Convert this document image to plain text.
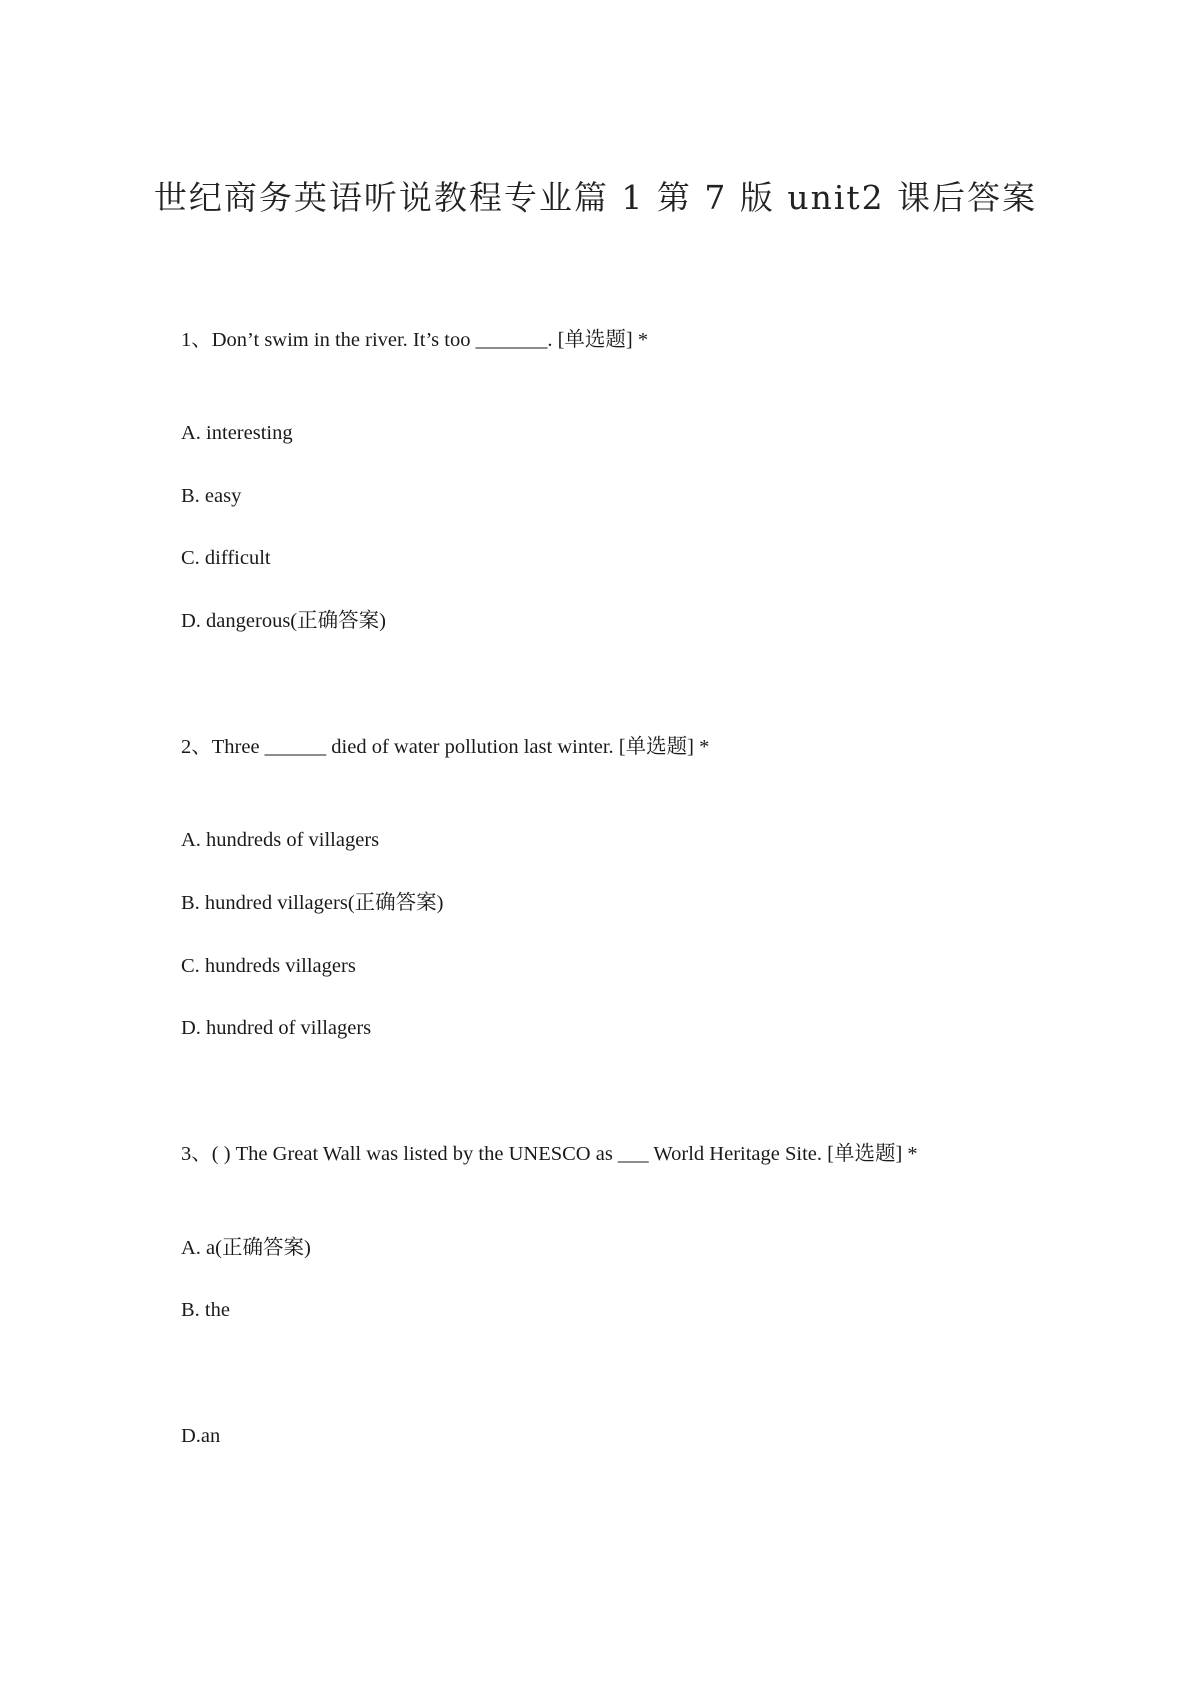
世纪商务英语听说教程专业篇 1 第 7 版 unit2 课后答案
1、Don’t swim in the river. It’s too _______. [单选题] *
A. interesting
B. easy
C. difficult
D. dangerous(正确答案)
2、Three ______ died of water pollution last winter. [单选题] *
A. hundreds of villagers
B. hundred villagers(正确答案)
C. hundreds villagers
D. hundred of villagers
3、( ) The Great Wall was listed by the UNESCO as ___ World Heritage Site. [单选题] *
A. a(正确答案)
B. the
D.an
